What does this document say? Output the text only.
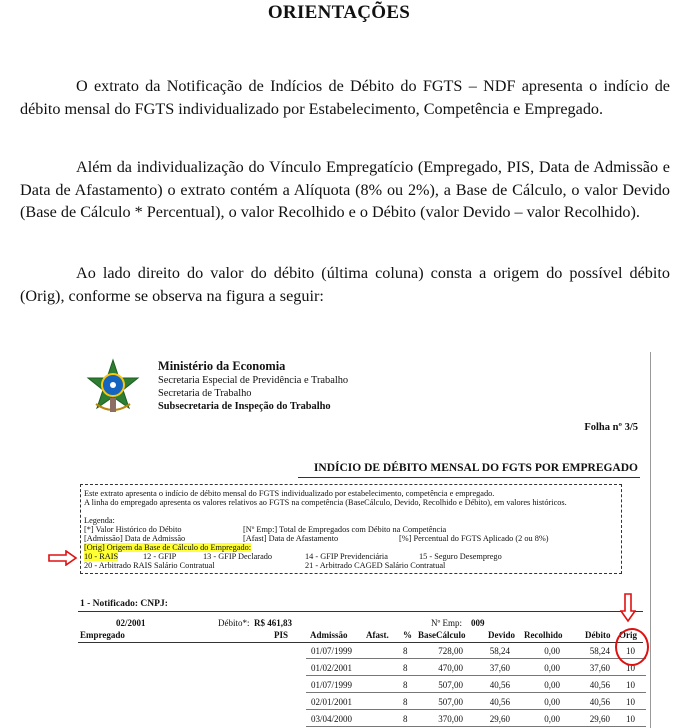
ORIENTAÇÕES

O extrato da Notificação de Indícios de Débito do FGTS – NDF apresenta o indício de débito mensal do FGTS individualizado por Estabelecimento, Competência e Empregado.

Além da individualização do Vínculo Empregatício (Empregado, PIS, Data de Admissão e Data de Afastamento) o extrato contém a Alíquota (8% ou 2%), a Base de Cálculo, o valor Devido (Base de Cálculo * Percentual), o valor Recolhido e o Débito (valor Devido – valor Recolhido).

Ao lado direito do valor do débito (última coluna) consta a origem do possível débito (Orig), conforme se observa na figura a seguir:

Ministério da Economia
Secretaria Especial de Previdência e Trabalho
Secretaria de Trabalho
Subsecretaria de Inspeção do Trabalho
Folha nº 3/5
INDÍCIO DE DÉBITO MENSAL DO FGTS POR EMPREGADO
Este extrato apresenta o indício de débito mensal do FGTS individualizado por estabelecimento, competência e empregado.
A linha do empregado apresenta os valores relativos ao FGTS na competência (BaseCálculo, Devido, Recolhido e Débito), em valores históricos.
Legenda:
[*] Valor Histórico do Débito	[Nº Emp:] Total de Empregados com Débito na Competência
[Admissão] Data de Admissão	[Afast] Data de Afastamento	[%] Percentual do FGTS Aplicado (2 ou 8%)
[Orig] Origem da Base de Cálculo do Empregado:
10 - RAIS	12 - GFIP	13 - GFIP Declarado	14 - GFIP Previdenciária	15 - Seguro Desemprego
20 - Arbitrado RAIS Salário Contratual	21 - Arbitrado CAGED Salário Contratual
1 - Notificado: CNPJ:
02/2001	Débito*: R$ 461,83	Nº Emp: 009
Empregado	PIS Admissão Afast. % BaseCálculo Devido Recolhido Débito Orig
01/07/1999	8	728,00	58,24	0,00	58,24 10
01/02/2001	8	470,00	37,60	0,00	37,60 10
01/07/1999	8	507,00	40,56	0,00	40,56 10
02/01/2001	8	507,00	40,56	0,00	40,56 10
03/04/2000	8	370,00	29,60	0,00	29,60 10
